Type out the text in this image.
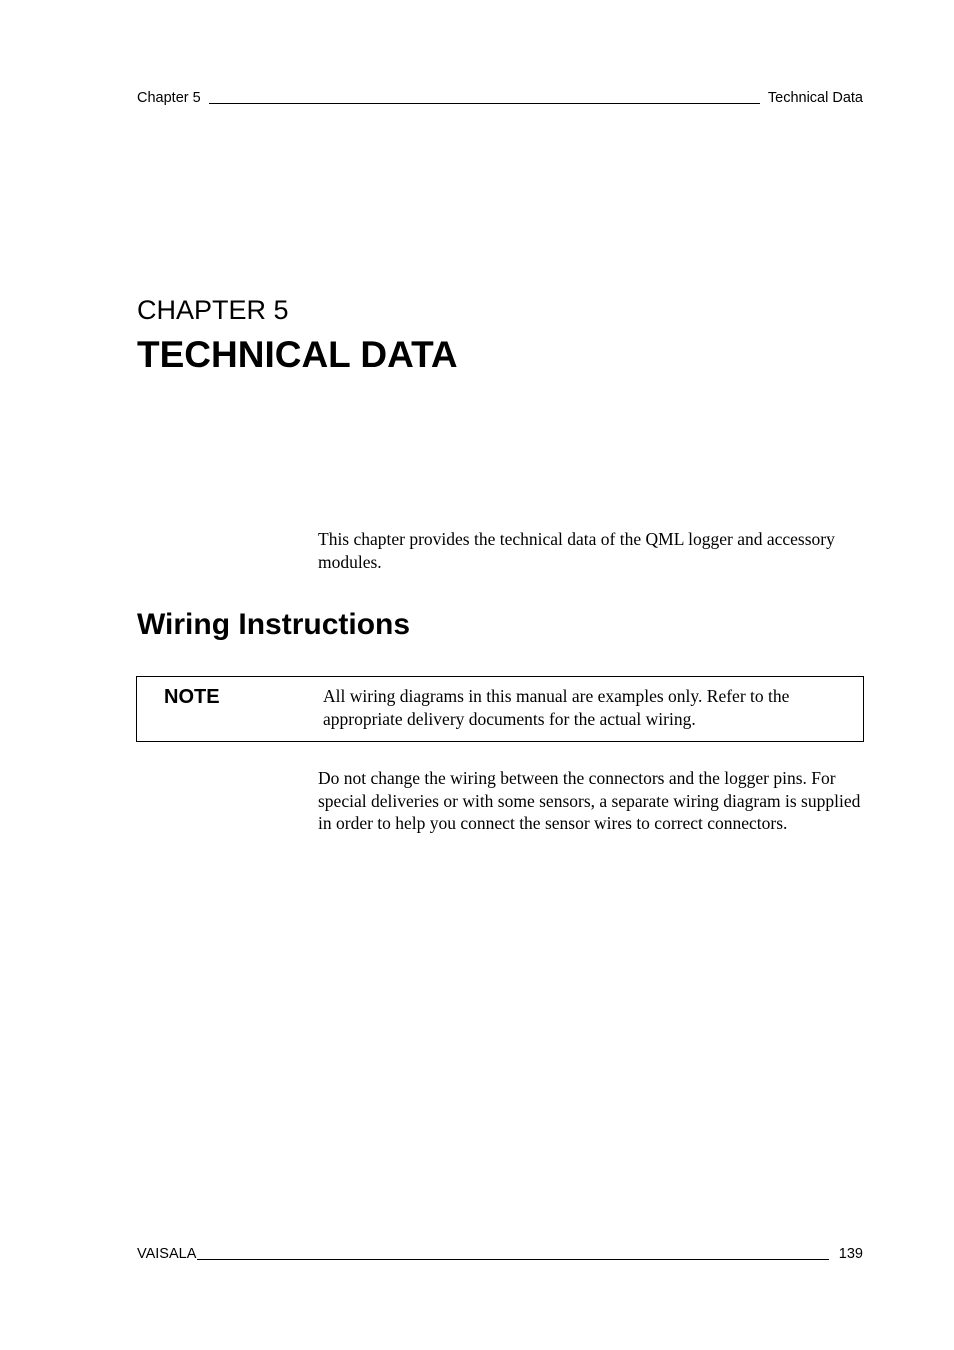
Chapter 5	Technical Data
CHAPTER 5
TECHNICAL DATA

This chapter provides the technical data of the QML logger and accessory modules.

Wiring Instructions
NOTE	All wiring diagrams in this manual are examples only. Refer to the appropriate delivery documents for the actual wiring.

Do not change the wiring between the connectors and the logger pins. For special deliveries or with some sensors, a separate wiring diagram is supplied in order to help you connect the sensor wires to correct connectors.

VAISALA	139
